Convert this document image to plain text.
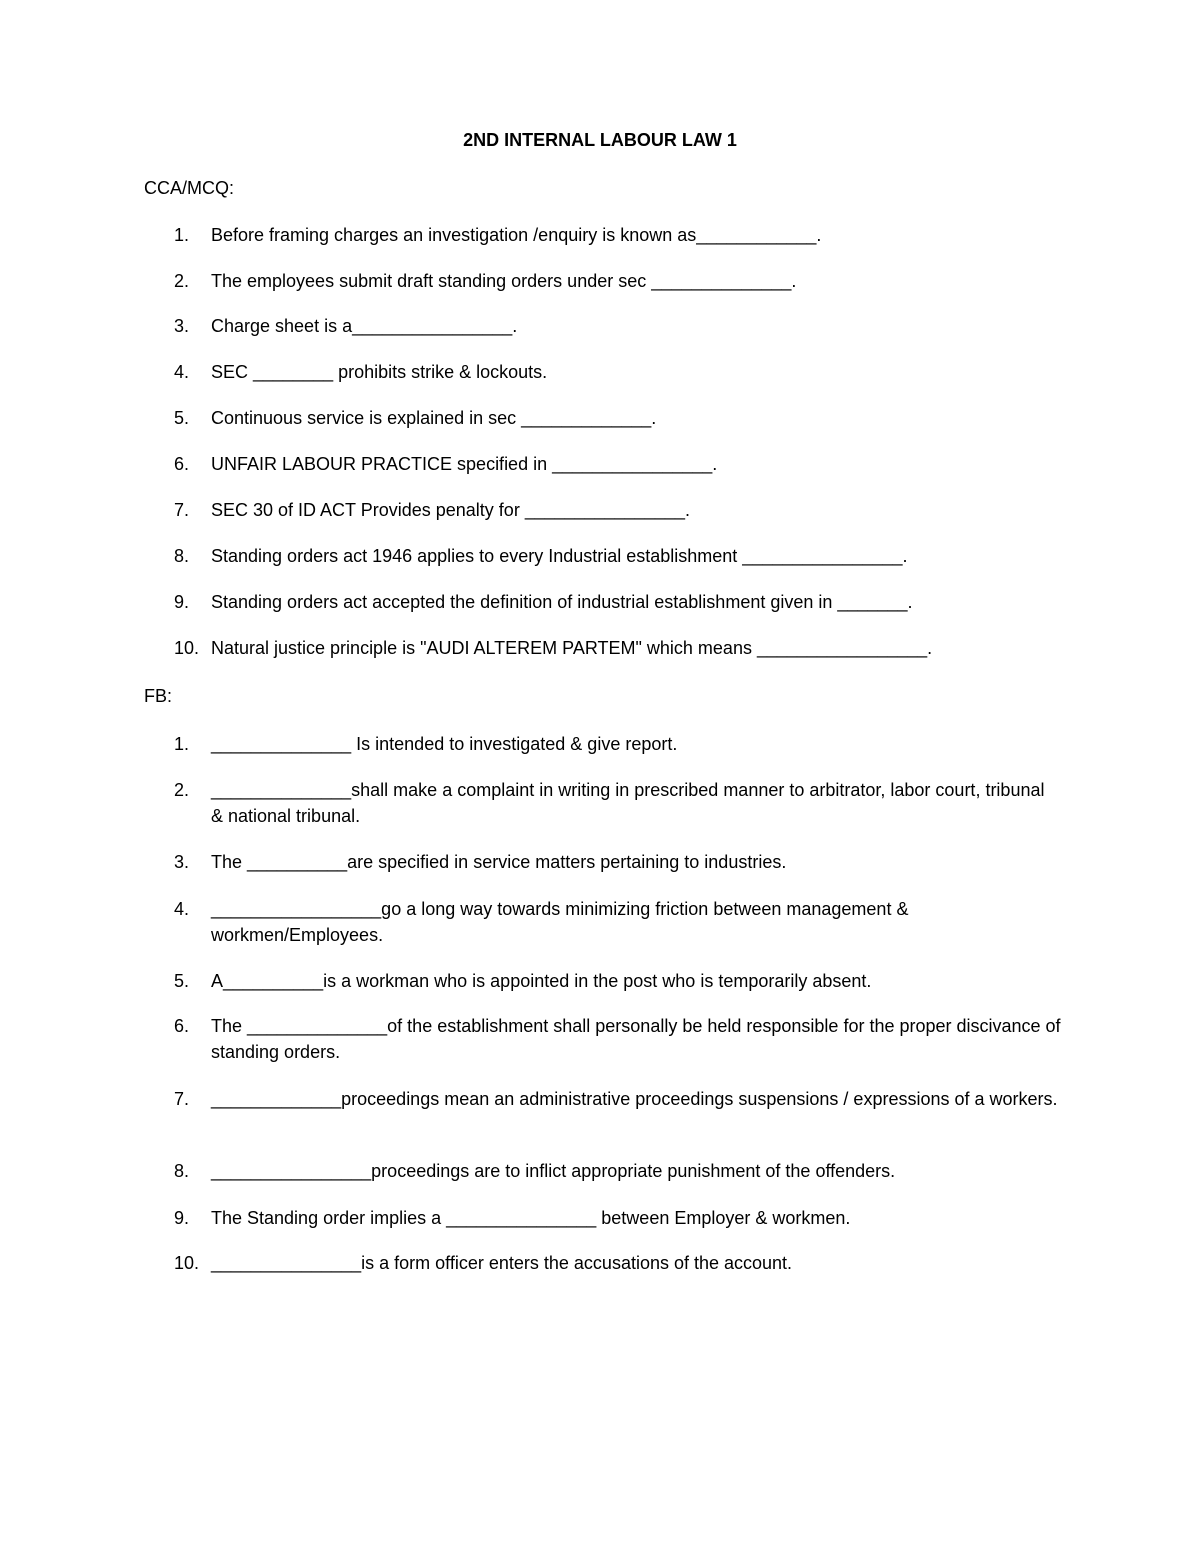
2ND INTERNAL LABOUR LAW 1
CCA/MCQ:
1.	Before framing charges an investigation /enquiry is known as____________.
2.	The employees submit draft standing orders under sec ______________.
3.	Charge sheet is a________________.
4.	SEC ________ prohibits strike & lockouts.
5.	Continuous service is explained in sec _____________.
6.	UNFAIR LABOUR PRACTICE specified in ________________.
7.	SEC 30 of ID ACT Provides penalty for ________________.
8.	Standing orders act 1946 applies to every Industrial establishment ________________.
9.	Standing orders act accepted the definition of industrial establishment given in _______.
10. Natural justice principle is "AUDI ALTEREM PARTEM" which means _________________.
FB:
1.	______________ Is intended to investigated & give report.
2.	______________shall make a complaint in writing in prescribed manner to arbitrator, labor court, tribunal & national tribunal.
3.	The __________are specified in service matters pertaining to industries.
4.	_________________go a long way towards minimizing friction between management & workmen/Employees.
5.	A__________is a workman who is appointed in the post who is temporarily absent.
6.	The ______________of the establishment shall personally be held responsible for the proper discivance of standing orders.
7.	_____________proceedings mean an administrative proceedings suspensions / expressions of a workers.
8.	________________proceedings are to inflict appropriate punishment of the offenders.
9.	The Standing order implies a _______________ between Employer & workmen.
10. _______________is a form officer enters the accusations of the account.
